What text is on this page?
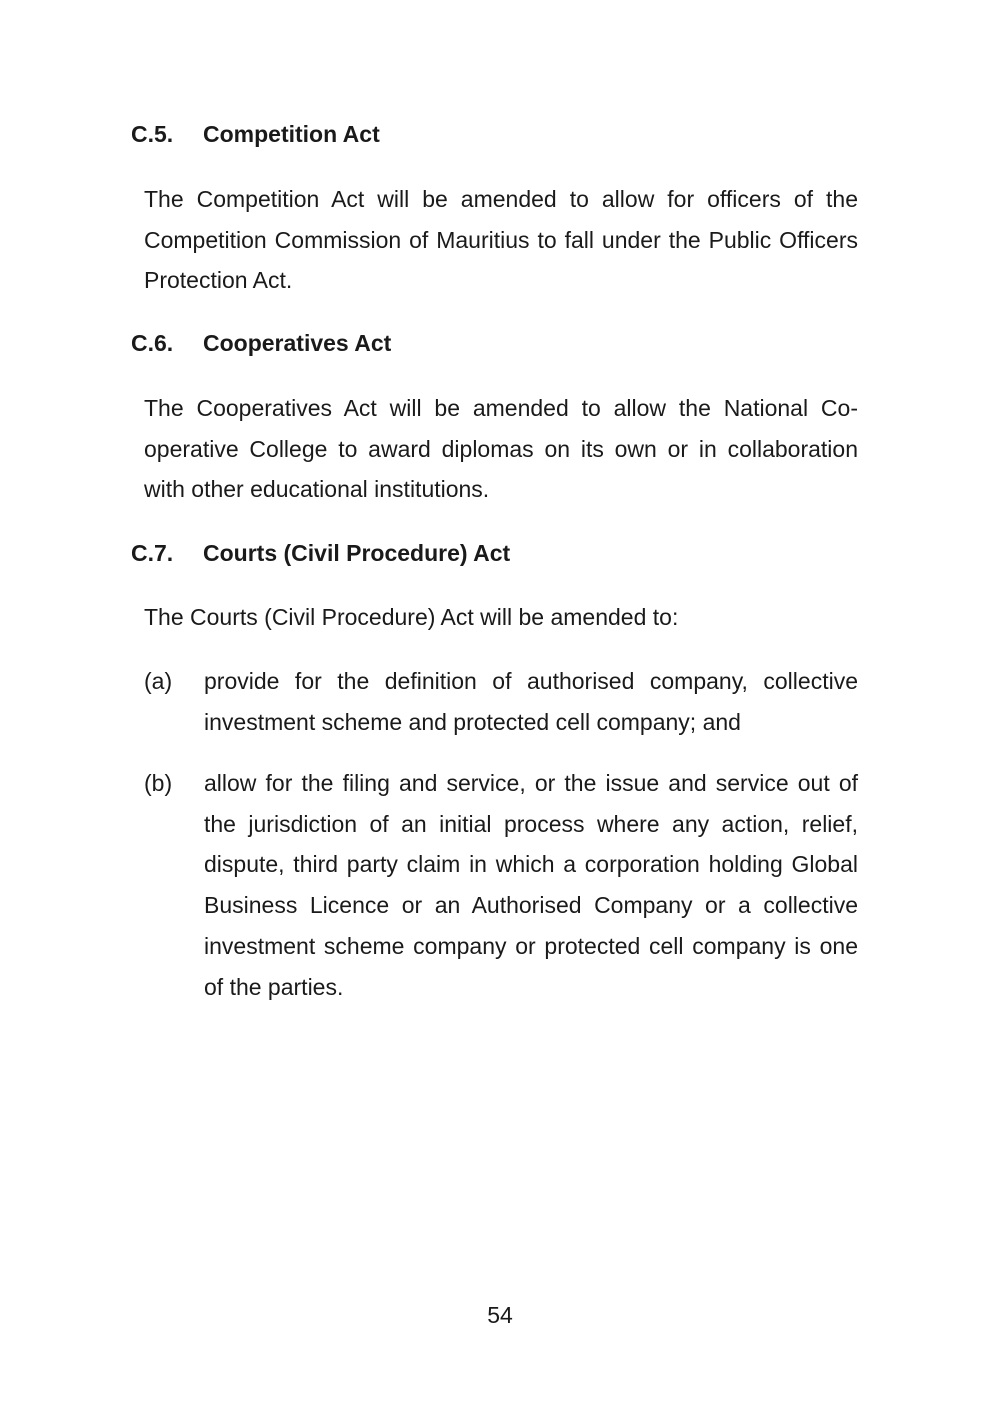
C.5.	Competition Act
The Competition Act will be amended to allow for officers of the Competition Commission of Mauritius to fall under the Public Officers Protection Act.
C.6.	Cooperatives Act
The Cooperatives Act will be amended to allow the National Co-operative College to award diplomas on its own or in collaboration with other educational institutions.
C.7.	Courts (Civil Procedure) Act
The Courts (Civil Procedure) Act will be amended to:
(a)	provide for the definition of authorised company, collective investment scheme and protected cell company; and
(b)	allow for the filing and service, or the issue and service out of the jurisdiction of an initial process where any action, relief, dispute, third party claim in which a corporation holding Global Business Licence or an Authorised Company or a collective investment scheme company or protected cell company is one of the parties.
54
